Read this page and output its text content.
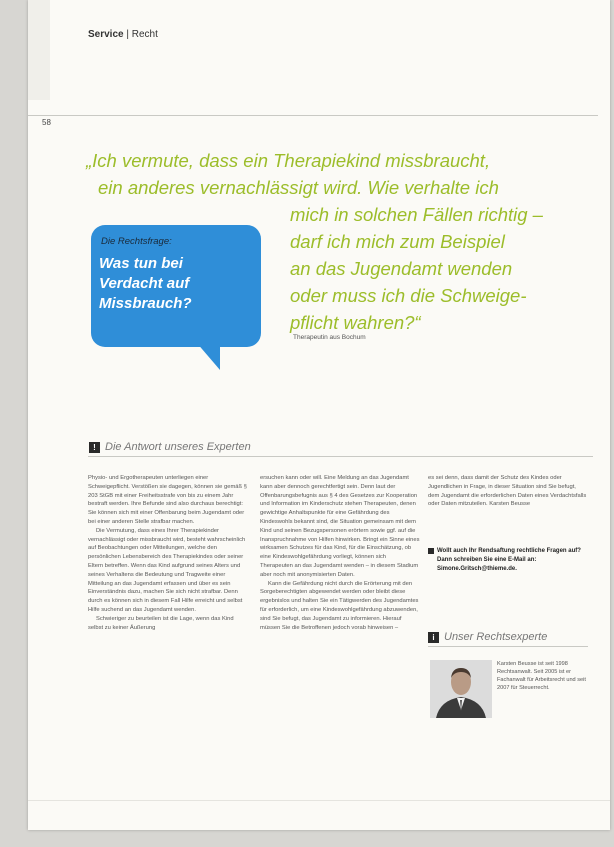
Service | Recht
58
„Ich vermute, dass ein Therapiekind missbraucht,
ein anderes vernachlässigt wird. Wie verhalte ich
mich in solchen Fällen richtig –
darf ich mich zum Beispiel
an das Jugendamt wenden
oder muss ich die Schweige-
pflicht wahren?“
Therapeutin aus Bochum
Die Rechtsfrage:
Was tun bei Verdacht auf Missbrauch?
! Die Antwort unseres Experten

Physio- und Ergotherapeuten unterliegen einer Schweigepflicht. Verstößen sie dagegen, können sie gemäß § 203 StGB mit einer Freiheitsstrafe von bis zu einem Jahr bestraft werden. Ihre Befunde sind also durchaus berechtigt: Sie können sich mit einer Offenbarung beim Jugendamt oder bei einer anderen Stelle strafbar machen.

Die Vermutung, dass eines Ihrer Therapiekinder vernachlässigt oder missbraucht wird, besteht wahrscheinlich auf Beobachtungen oder Mitteilungen, welche den persönlichen Lebensbereich des Therapiekindes oder seiner Eltern betreffen. Wenn das Kind aufgrund seines Alters und seines Verhaltens die Bedeutung und Tragweite einer Mitteilung an das Jugendamt erfassen und über es sein Einverständnis dazu, machen Sie sich nicht strafbar. Denn durch es können sich in diesem Fall Hilfe erreicht und selbst Hilfe suchend an das Jugendamt wenden.

Schwieriger zu beurteilen ist die Lage, wenn das Kind selbst zu keiner Äußerung

ersuchen kann oder will. Eine Meldung an das Jugendamt kann aber dennoch gerechtfertigt sein. Denn laut der Offenbarungsbefugnis aus § 4 des Gesetzes zur Kooperation und Information im Kinderschutz stehen Therapeuten, denen gewichtige Anhaltspunkte für eine Gefährdung des Kindeswohls bekannt sind, die Situation gemeinsam mit dem Kind und seinen Bezugspersonen erörtern sowie ggf. auf die Inanspruchnahme von Hilfen hinwirken. Bringt ein Sinne eines wirksamen Schutzes für das Kind, für die Einschätzung, ob eine Kindeswohlgefährdung vorliegt, können sich Therapeuten an das Jugendamt wenden – in diesem Stadium aber noch mit anonymisierten Daten.

Kann die Gefährdung nicht durch die Erörterung mit den Sorgeberechtigten abgewendet werden oder bleibt diese ergebnislos und halten Sie ein Tätigwerden des Jugendamtes für erforderlich, um eine Kindeswohlgefährdung abzuwenden, sind Sie befugt, das Jugendamt zu informieren. Hierauf müssen Sie die Betroffenen jedoch vorab hinweisen –

es sei denn, dass damit der Schutz des Kindes oder Jugendlichen in Frage, in dieser Situation sind Sie befugt, dem Jugendamt die erforderlichen Daten eines Verdachtsfalls oder Daten mitzuteilen. Karsten Beusse

Wollt auch Ihr Rendsaftung rechtliche Fragen auf? Dann schreiben Sie eine E-Mail an: Simone.Gritsch@thieme.de.
i Unser Rechtsexperte
Karsten Beusse ist seit 1998 Rechtsanwalt. Seit 2005 ist er Fachanwalt für Arbeitsrecht und seit 2007 für Steuerrecht.
